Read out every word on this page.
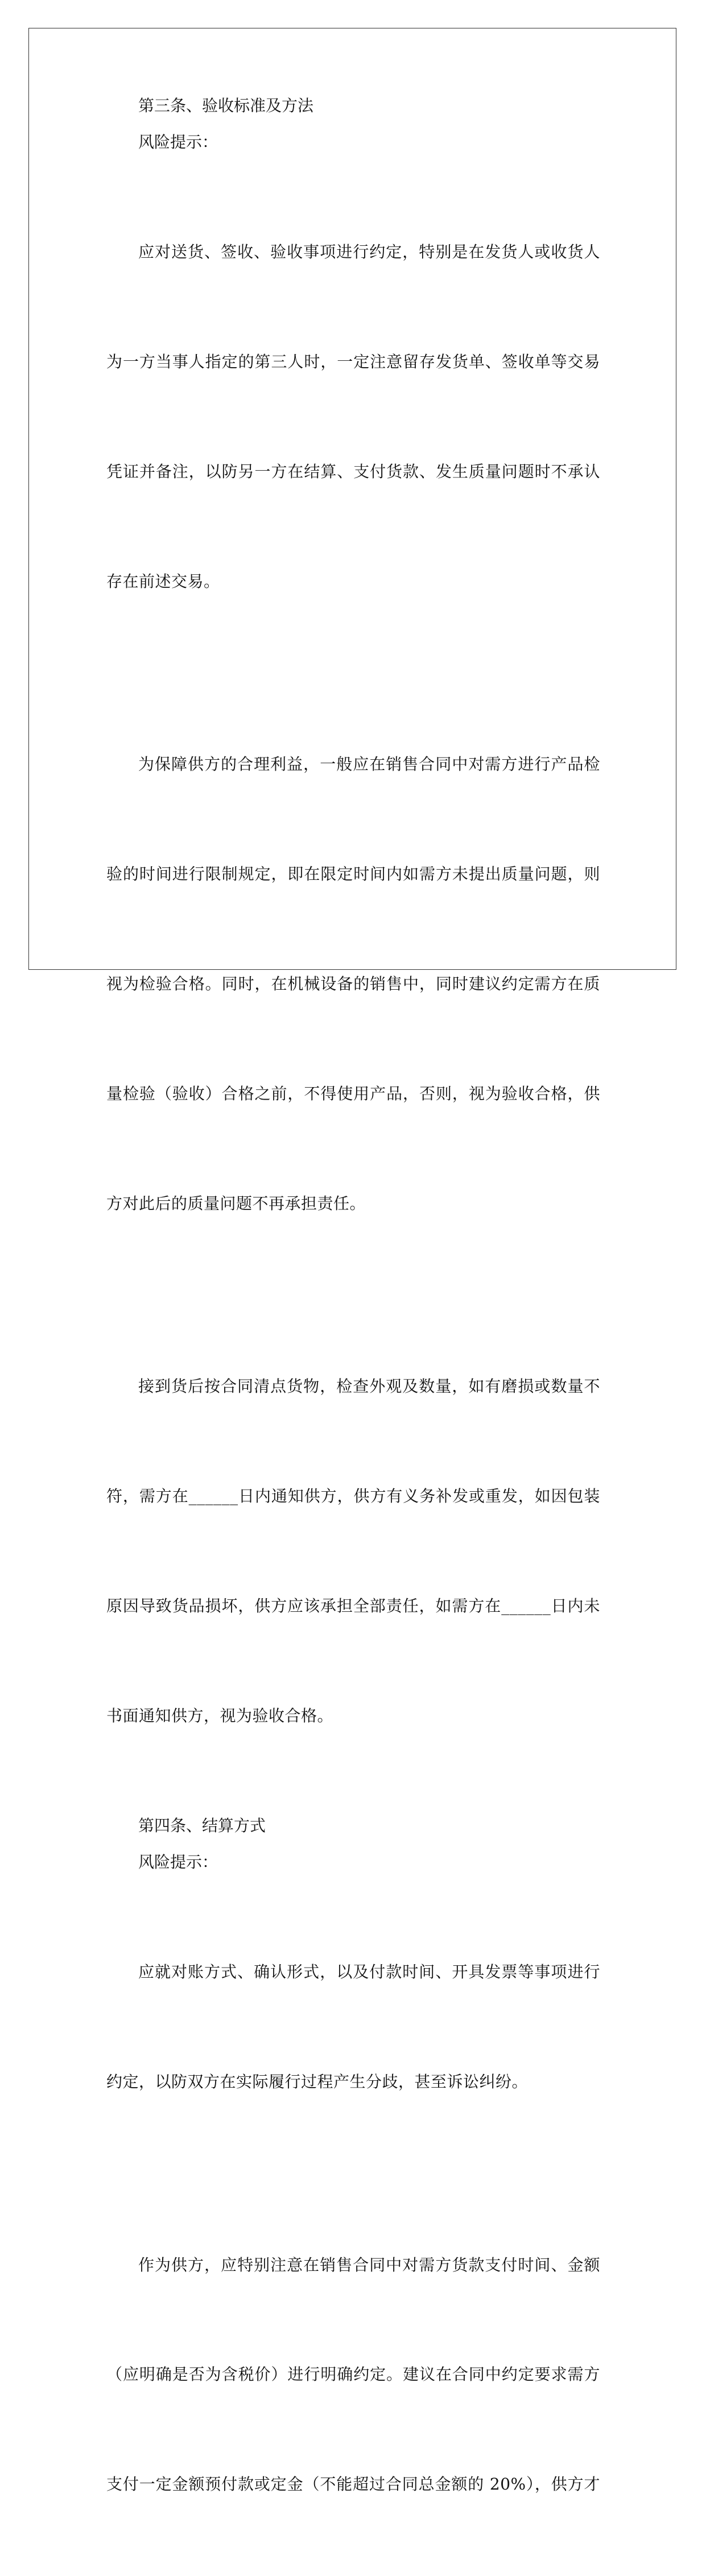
第三条、验收标准及方法

风险提示：

应对送货、签收、验收事项进行约定，特别是在发货人或收货人

为一方当事人指定的第三人时，一定注意留存发货单、签收单等交易

凭证并备注，以防另一方在结算、支付货款、发生质量问题时不承认

存在前述交易。

为保障供方的合理利益，一般应在销售合同中对需方进行产品检

验的时间进行限制规定，即在限定时间内如需方未提出质量问题，则

视为检验合格。同时，在机械设备的销售中，同时建议约定需方在质

量检验（验收）合格之前，不得使用产品，否则，视为验收合格，供

方对此后的质量问题不再承担责任。

接到货后按合同清点货物，检查外观及数量，如有磨损或数量不

符，需方在______日内通知供方，供方有义务补发或重发，如因包装

原因导致货品损坏，供方应该承担全部责任，如需方在______日内未

书面通知供方，视为验收合格。

第四条、结算方式

风险提示：

应就对账方式、确认形式，以及付款时间、开具发票等事项进行

约定，以防双方在实际履行过程产生分歧，甚至诉讼纠纷。

作为供方，应特别注意在销售合同中对需方货款支付时间、金额

（应明确是否为含税价）进行明确约定。建议在合同中约定要求需方

支付一定金额预付款或定金（不能超过合同总金额的 20%），供方才
